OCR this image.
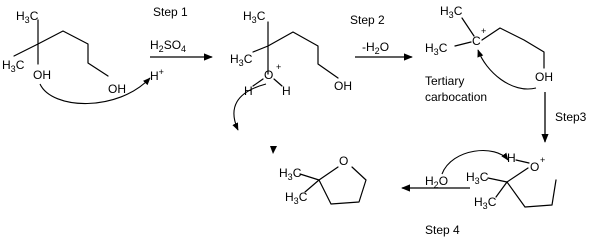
$H_3C$
$H_3C$
OH
OH
Step 1
$H_2SO_4$
H+
$H_3C$
$H_3C$
O
+
H H	OH
Step 2
$-H_2O$
$H_3C$
$H_3C$ C
+
OH
Tertiary
carbocation
Step3
O +
H
$H_3C$
$H_3C$
$H_2O$
Step 4
O
$H_3C$
$H_3C$
